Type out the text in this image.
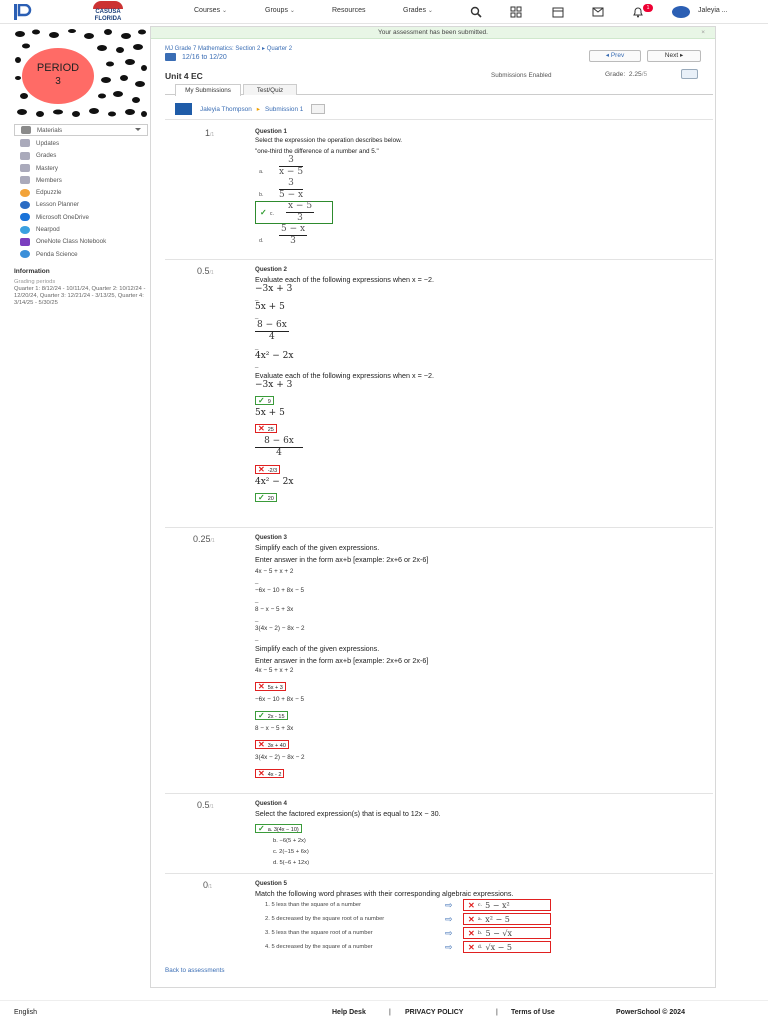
CASUSA
FLORIDA
Courses ⌄	Groups ⌄	Resources	Grades ⌄	1	Jaleyia ...
PERIOD
3
Materials
Updates
Grades
Mastery
Members
Edpuzzle
Lesson Planner
Microsoft OneDrive
Nearpod
OneNote Class Notebook
Penda Science
Information
Grading periods
Quarter 1: 8/12/24 - 10/11/24, Quarter 2: 10/12/24 - 12/20/24, Quarter 3: 12/21/24 - 3/13/25, Quarter 4: 3/14/25 - 5/30/25
Your assessment has been submitted.	×
MJ Grade 7 Mathematics: Section 2 ▸ Quarter 2
12/16 to 12/20	◂ Prev	Next ▸
Unit 4 EC	Submissions Enabled	Grade: 2.25/5
My Submissions	Test/Quiz
Jaleyia Thompson ▸ Submission 1
1/1	Question 1
Select the expression the operation describes below.
"one-third the difference of a number and 5."
a.	$\frac{3}{x - 5}$
b.	$\frac{3}{5 - x}$
✓ c.	$\frac{x - 5}{3}$
d.	$\frac{5 - x}{3}$
0.5/1	Question 2
Evaluate each of the following expressions when x = −2.
−3x + 3
_
5x + 5
_
$\frac{8 - 6x}{4}$
_
4x² − 2x
_
Evaluate each of the following expressions when x = −2.
−3x + 3
✓ 9
5x + 5
✕ 25
8 − 6x
4
✕ -2/3
4x² − 2x
✓ 20
0.25/1	Question 3
Simplify each of the given expressions.
Enter answer in the form ax+b [example: 2x+6 or 2x-6]
4x − 5 + x + 2
_
−6x − 10 + 8x − 5
_
8 − x − 5 + 3x
_
3(4x − 2) − 8x − 2
_
Simplify each of the given expressions.
Enter answer in the form ax+b [example: 2x+6 or 2x-6]
4x − 5 + x + 2
✕ 5x + 3
−6x − 10 + 8x − 5
✓ 2x - 15
8 − x − 5 + 3x
✕ 3x + 40
3(4x − 2) − 8x − 2
✕ 4x - 2
0.5/1	Question 4
Select the factored expression(s) that is equal to 12x − 30.
✓ a. 3(4x − 10)
b. −6(5 + 2x)
c. 2(−15 + 6x)
d. 5(−6 + 12x)
0/1	Question 5
Match the following word phrases with their corresponding algebraic expressions.
1. 5 less than the square of a number	⇨	✕ c. 5 − x²
2. 5 decreased by the square root of a number	⇨	✕ a. x² − 5
3. 5 less than the square root of a number	⇨	✕ b. 5 − √x
4. 5 decreased by the square of a number	⇨	✕ d. √x − 5
Back to assessments
English	Help Desk	| PRIVACY POLICY	| Terms of Use	PowerSchool © 2024
